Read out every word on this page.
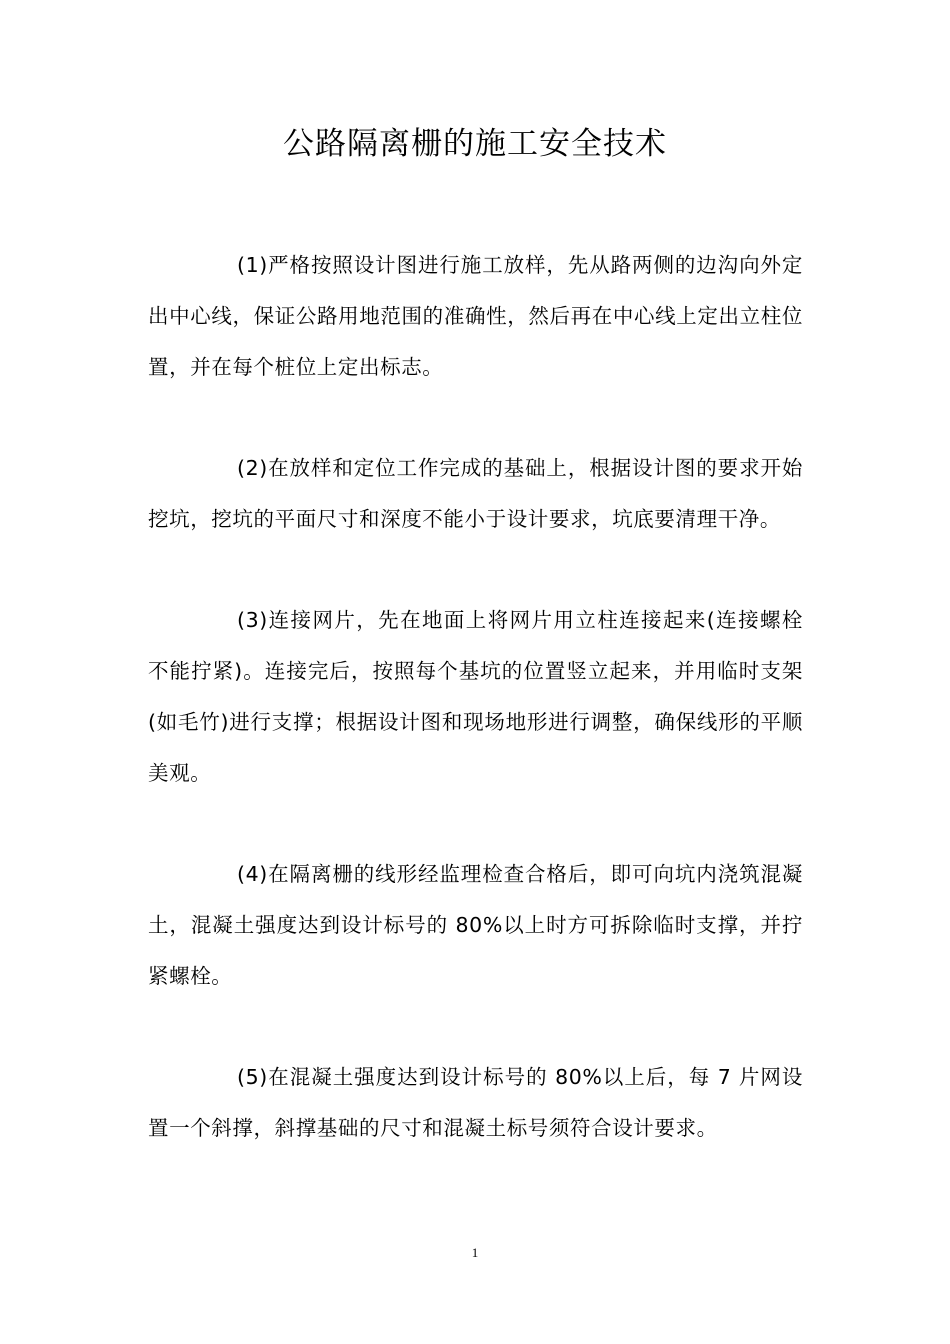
公路隔离栅的施工安全技术

(1)严格按照设计图进行施工放样，先从路两侧的边沟向外定出中心线，保证公路用地范围的准确性，然后再在中心线上定出立柱位置，并在每个桩位上定出标志。

(2)在放样和定位工作完成的基础上，根据设计图的要求开始挖坑，挖坑的平面尺寸和深度不能小于设计要求，坑底要清理干净。

(3)连接网片，先在地面上将网片用立柱连接起来(连接螺栓不能拧紧)。连接完后，按照每个基坑的位置竖立起来，并用临时支架(如毛竹)进行支撑；根据设计图和现场地形进行调整，确保线形的平顺美观。

(4)在隔离栅的线形经监理检查合格后，即可向坑内浇筑混凝土，混凝土强度达到设计标号的 80%以上时方可拆除临时支撑，并拧紧螺栓。

(5)在混凝土强度达到设计标号的 80%以上后，每 7 片网设置一个斜撑，斜撑基础的尺寸和混凝土标号须符合设计要求。

1
